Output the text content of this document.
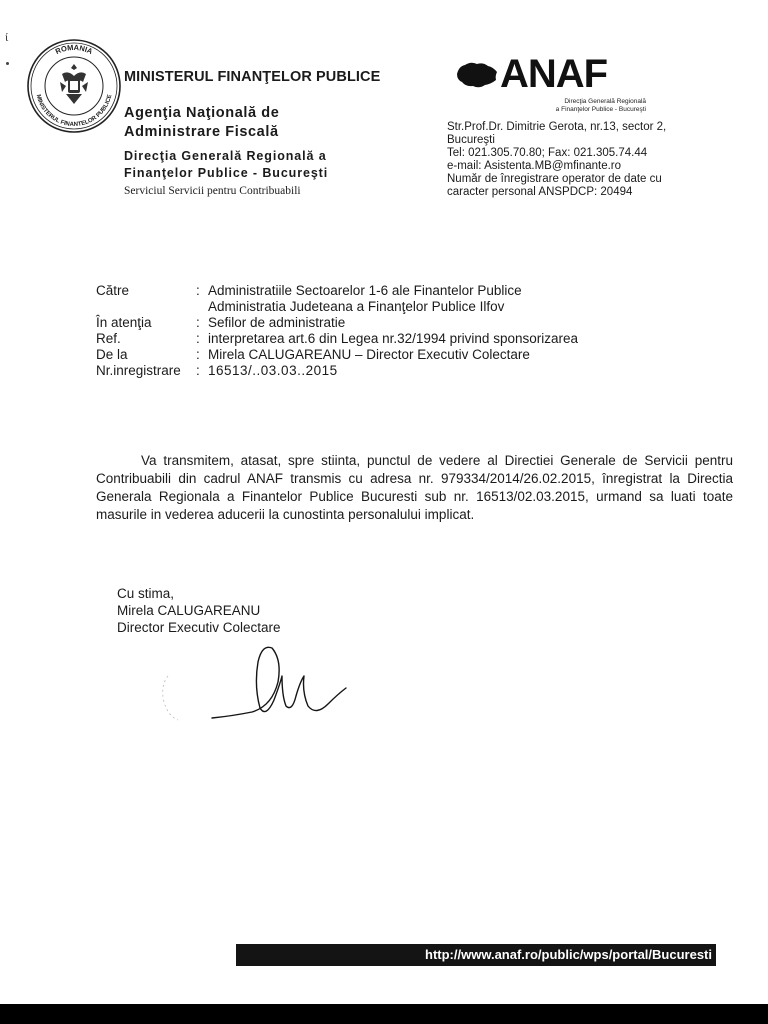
ί
ROMANIA
MINISTERUL FINANTELOR PUBLICE
MINISTERUL FINANŢELOR PUBLICE
Agenţia Naţională de
Administrare Fiscală
Direcţia Generală Regională a
Finanţelor Publice - Bucureşti
Serviciul Servicii pentru Contribuabili
ANAF
Direcţia Generală Regională
a Finanţelor Publice - Bucureşti
Str.Prof.Dr. Dimitrie Gerota, nr.13, sector 2,
Bucureşti
Tel: 021.305.70.80; Fax: 021.305.74.44
e-mail: Asistenta.MB@mfinante.ro
Număr de înregistrare operator de date cu
caracter personal ANSPDCP: 20494
Către	:	Administratiile Sectoarelor 1-6 ale Finantelor Publice
Administratia Judeteana a Finanţelor Publice Ilfov

În atenţia	:	Sefilor de administratie
Ref.	:	interpretarea art.6 din Legea nr.32/1994 privind sponsorizarea
De la	:	Mirela CALUGAREANU – Director Executiv Colectare
Nr.inregistrare	:	16513/..03.03..2015

Va transmitem, atasat, spre stiinta, punctul de vedere al Directiei Generale de Servicii pentru Contribuabili din cadrul ANAF transmis cu adresa nr. 979334/2014/26.02.2015, înregistrat la Directia Generala Regionala a Finantelor Publice Bucuresti sub nr. 16513/02.03.2015, urmand sa luati toate masurile in vederea aducerii la cunostinta personalului implicat.

Cu stima,
Mirela CALUGAREANU
Director Executiv Colectare
http://www.anaf.ro/public/wps/portal/Bucuresti
